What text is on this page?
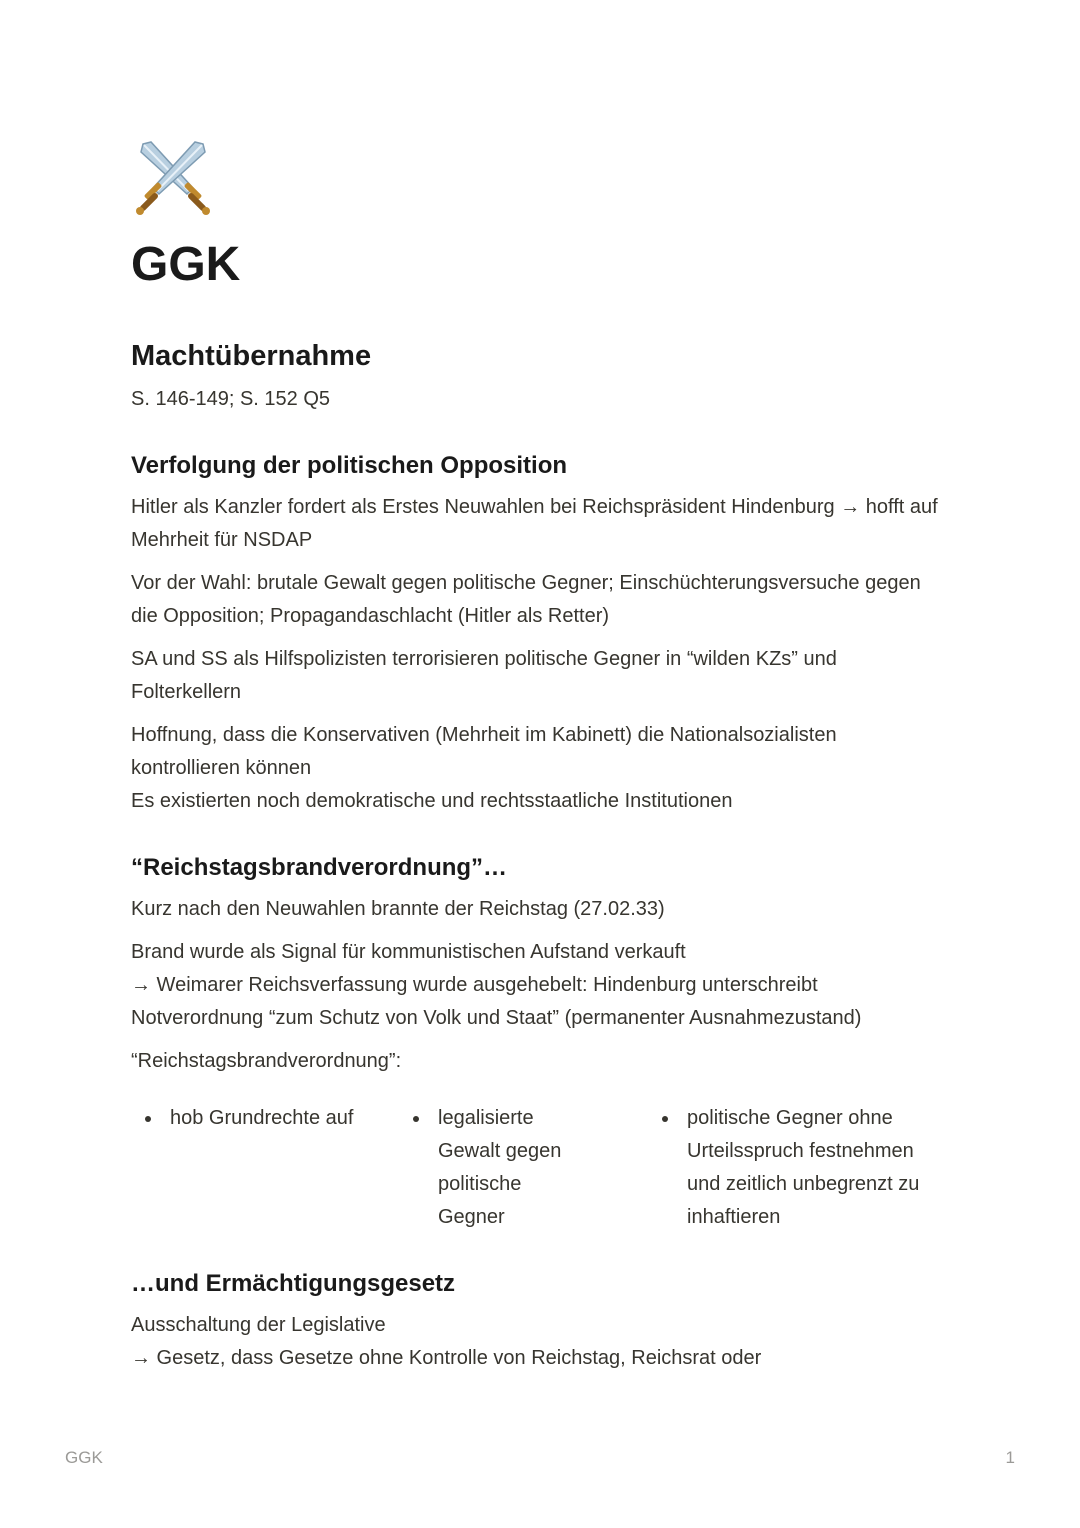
GGK
Machtübernahme

S. 146-149; S. 152 Q5

Verfolgung der politischen Opposition

Hitler als Kanzler fordert als Erstes Neuwahlen bei Reichspräsident Hindenburg → hofft auf Mehrheit für NSDAP

Vor der Wahl: brutale Gewalt gegen politische Gegner; Einschüchterungsversuche gegen die Opposition; Propagandaschlacht (Hitler als Retter)

SA und SS als Hilfspolizisten terrorisieren politische Gegner in “wilden KZs” und Folterkellern

Hoffnung, dass die Konservativen (Mehrheit im Kabinett) die Nationalsozialisten kontrollieren können

Es existierten noch demokratische und rechtsstaatliche Institutionen

“Reichstagsbrandverordnung”…

Kurz nach den Neuwahlen brannte der Reichstag (27.02.33)

Brand wurde als Signal für kommunistischen Aufstand verkauft

→ Weimarer Reichsverfassung wurde ausgehebelt: Hindenburg unterschreibt Notverordnung “zum Schutz von Volk und Staat” (permanenter Ausnahmezustand)

“Reichstagsbrandverordnung”:

hob Grundrechte auf	legalisierte Gewalt gegen politische Gegner
politische Gegner ohne Urteilsspruch festnehmen und zeitlich unbegrenzt zu inhaftieren
…und Ermächtigungsgesetz

Ausschaltung der Legislative

→ Gesetz, dass Gesetze ohne Kontrolle von Reichstag, Reichsrat oder

GGK	1
